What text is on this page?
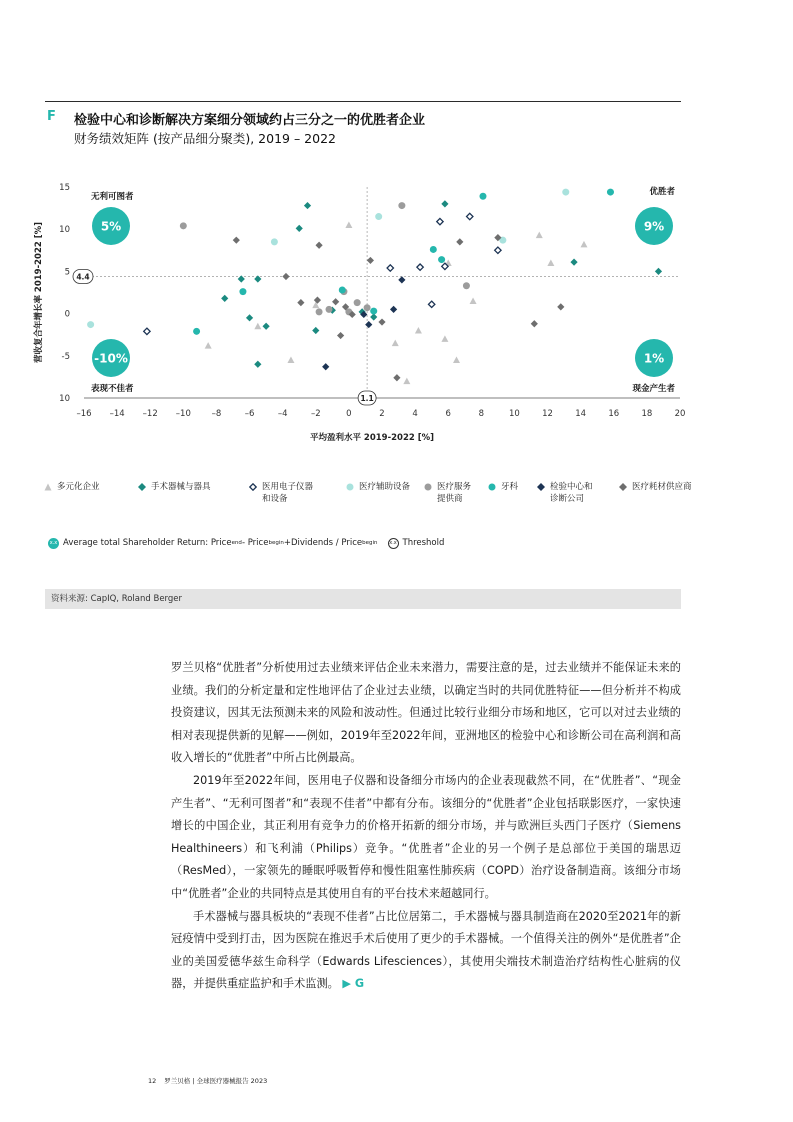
F 检验中心和诊断解决方案细分领域约占三分之一的优胜者企业
财务绩效矩阵 (按产品细分聚类), 2019 – 2022
–16 –14 –12 –10 –8	–6	–4	–2	0	2	4	6	8	10	12	14	16	18	20
15
10
5
0
-5
10
平均盈利水平 2019-2022 [%]
营收复合年增长率 2019-2022 [%]
1.1
4.4
5%
无利可图者
9%
优胜者
-10%
表现不佳者
1%
现金产生者
多元化企业	手术器械与器具	医用电子仪器
和设备
医疗辅助设备	医疗服务
提供商
牙科	检验中心和
诊断公司
医疗耗材供应商
x.x Average total Shareholder Return: Price end - Price begin +Dividends / Price begin	x.x Threshold
资料来源: CapIQ, Roland Berger

罗兰贝格“优胜者”分析使用过去业绩来评估企业未来潜力，需要注意的是，过去业绩并不能保证未来的业绩。我们的分析定量和定性地评估了企业过去业绩，以确定当时的共同优胜特征——但分析并不构成投资建议，因其无法预测未来的风险和波动性。但通过比较行业细分市场和地区，它可以对过去业绩的相对表现提供新的见解——例如，2019年至2022年间，亚洲地区的检验中心和诊断公司在高利润和高收入增长的“优胜者”中所占比例最高。

2019年至2022年间，医用电子仪器和设备细分市场内的企业表现截然不同，在“优胜者”、“现金产生者”、“无利可图者”和“表现不佳者”中都有分布。该细分的“优胜者”企业包括联影医疗，一家快速增长的中国企业，其正利用有竞争力的价格开拓新的细分市场，并与欧洲巨头西门子医疗（Siemens Healthineers）和飞利浦（Philips）竞争。“优胜者”企业的另一个例子是总部位于美国的瑞思迈（ResMed），一家领先的睡眠呼吸暂停和慢性阻塞性肺疾病（COPD）治疗设备制造商。该细分市场中“优胜者”企业的共同特点是其使用自有的平台技术来超越同行。

手术器械与器具板块的“表现不佳者”占比位居第二，手术器械与器具制造商在2020至2021年的新冠疫情中受到打击，因为医院在推迟手术后使用了更少的手术器械。一个值得关注的例外“是优胜者”企业的美国爱德华兹生命科学（Edwards Lifesciences），其使用尖端技术制造治疗结构性心脏病的仪器，并提供重症监护和手术监测。 ▶ G

12 罗兰贝格 | 全球医疗器械报告 2023
